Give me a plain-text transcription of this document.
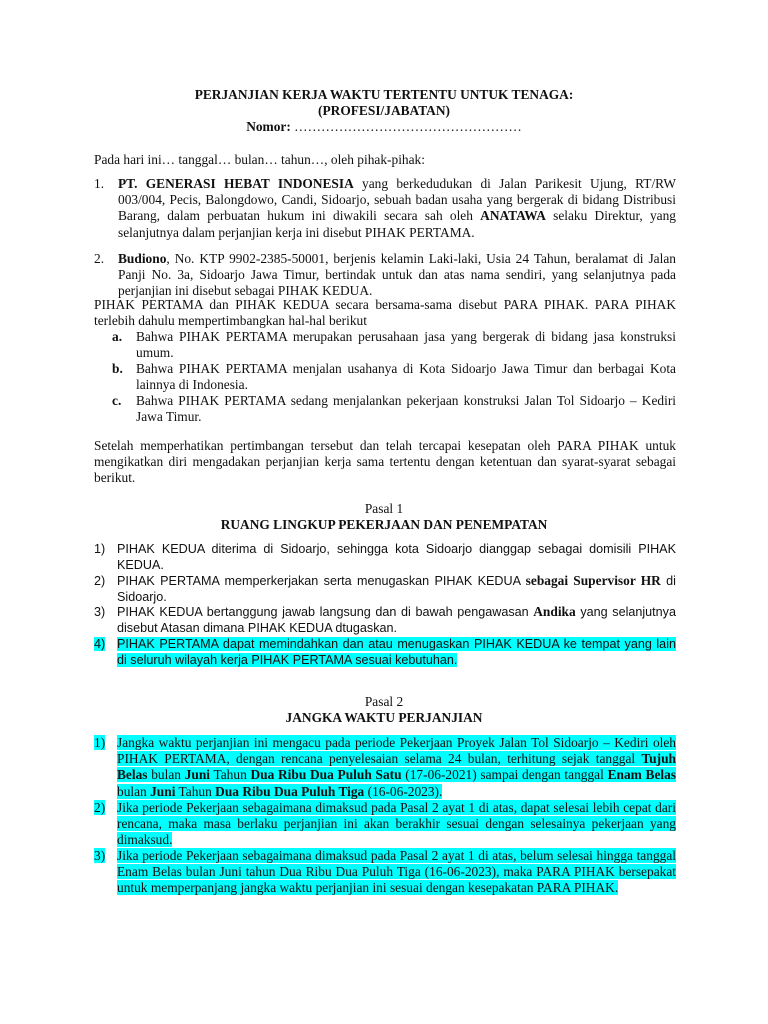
PERJANJIAN KERJA WAKTU TERTENTU UNTUK TENAGA:

(PROFESI/JABATAN)

Nomor: ……………………………………………

Pada hari ini… tanggal… bulan… tahun…, oleh pihak-pihak:

1. PT. GENERASI HEBAT INDONESIA yang berkedudukan di Jalan Parikesit Ujung, RT/RW 003/004, Pecis, Balongdowo, Candi, Sidoarjo, sebuah badan usaha yang bergerak di bidang Distribusi Barang, dalam perbuatan hukum ini diwakili secara sah oleh ANATAWA selaku Direktur, yang selanjutnya dalam perjanjian kerja ini disebut PIHAK PERTAMA.

2. Budiono, No. KTP 9902-2385-50001, berjenis kelamin Laki-laki, Usia 24 Tahun, beralamat di Jalan Panji No. 3a, Sidoarjo Jawa Timur, bertindak untuk dan atas nama sendiri, yang selanjutnya pada perjanjian ini disebut sebagai PIHAK KEDUA.

PIHAK PERTAMA dan PIHAK KEDUA secara bersama-sama disebut PARA PIHAK. PARA PIHAK terlebih dahulu mempertimbangkan hal-hal berikut

a. Bahwa PIHAK PERTAMA merupakan perusahaan jasa yang bergerak di bidang jasa konstruksi umum.

b. Bahwa PIHAK PERTAMA menjalan usahanya di Kota Sidoarjo Jawa Timur dan berbagai Kota lainnya di Indonesia.

c. Bahwa PIHAK PERTAMA sedang menjalankan pekerjaan konstruksi Jalan Tol Sidoarjo – Kediri Jawa Timur.

Setelah memperhatikan pertimbangan tersebut dan telah tercapai kesepatan oleh PARA PIHAK untuk mengikatkan diri mengadakan perjanjian kerja sama tertentu dengan ketentuan dan syarat-syarat sebagai berikut.

Pasal 1

RUANG LINGKUP PEKERJAAN DAN PENEMPATAN

1) PIHAK KEDUA diterima di Sidoarjo, sehingga kota Sidoarjo dianggap sebagai domisili PIHAK KEDUA.

2) PIHAK PERTAMA memperkerjakan serta menugaskan PIHAK KEDUA sebagai Supervisor HR di Sidoarjo.

3) PIHAK KEDUA bertanggung jawab langsung dan di bawah pengawasan Andika yang selanjutnya disebut Atasan dimana PIHAK KEDUA dtugaskan.

4) PIHAK PERTAMA dapat memindahkan dan atau menugaskan PIHAK KEDUA ke tempat yang lain di seluruh wilayah kerja PIHAK PERTAMA sesuai kebutuhan.

Pasal 2

JANGKA WAKTU PERJANJIAN

1) Jangka waktu perjanjian ini mengacu pada periode Pekerjaan Proyek Jalan Tol Sidoarjo – Kediri oleh PIHAK PERTAMA, dengan rencana penyelesaian selama 24 bulan, terhitung sejak tanggal Tujuh Belas bulan Juni Tahun Dua Ribu Dua Puluh Satu (17-06-2021) sampai dengan tanggal Enam Belas bulan Juni Tahun Dua Ribu Dua Puluh Tiga (16-06-2023).

2) Jika periode Pekerjaan sebagaimana dimaksud pada Pasal 2 ayat 1 di atas, dapat selesai lebih cepat dari rencana, maka masa berlaku perjanjian ini akan berakhir sesuai dengan selesainya pekerjaan yang dimaksud.

3) Jika periode Pekerjaan sebagaimana dimaksud pada Pasal 2 ayat 1 di atas, belum selesai hingga tanggal Enam Belas bulan Juni tahun Dua Ribu Dua Puluh Tiga (16-06-2023), maka PARA PIHAK bersepakat untuk memperpanjang jangka waktu perjanjian ini sesuai dengan kesepakatan PARA PIHAK.
